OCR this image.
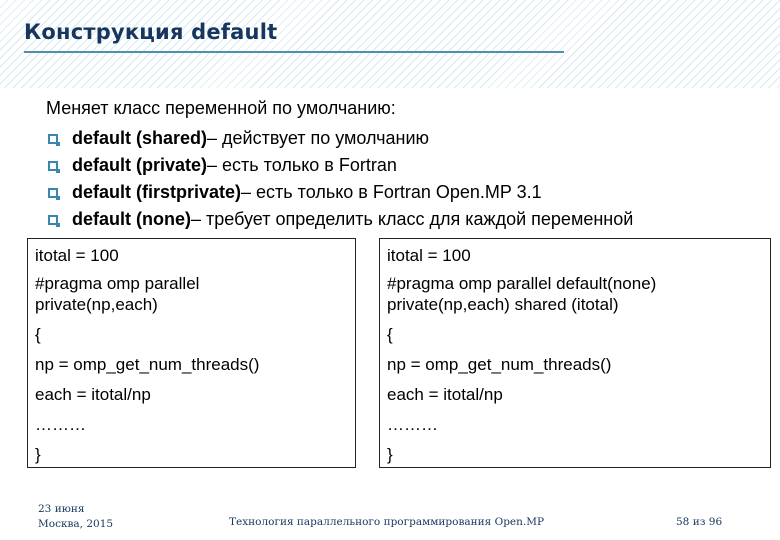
Конструкция default
Меняет класс переменной по умолчанию:
default (shared) – действует по умолчанию
default (private) – есть только в Fortran
default (firstprivate) – есть только в Fortran Open.MP 3.1
default (none) – требует определить класс для каждой переменной
itotal = 100
#pragma omp parallel
private(np,each)
{
np = omp_get_num_threads()
each = itotal/np
………
}
itotal = 100
#pragma omp parallel default(none)
private(np,each) shared (itotal)
{
np = omp_get_num_threads()
each = itotal/np
………
}
23 июня
Москва, 2015	Технология параллельного программирования Open.MP	58 из 96
